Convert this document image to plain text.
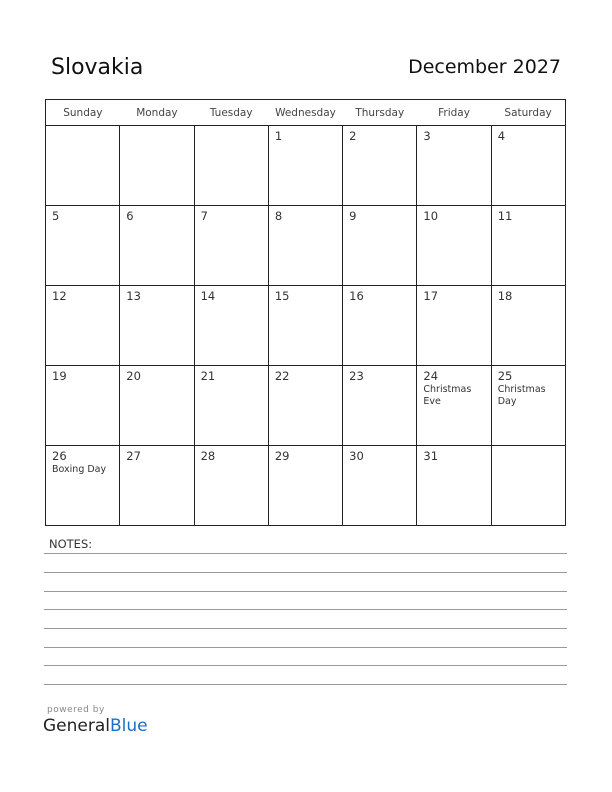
Slovakia	December 2027
Sunday	Monday	Tuesday	Wednesday	Thursday	Friday	Saturday
			1	2	3	4
5	6	7	8	9	10	11
12	13	14	15	16	17	18
19	20	21	22	23	24
Christmas Eve
	25
Christmas Day

26
Boxing Day
	27	28	29	30	31	
NOTES:
powered by
GeneralBlue
